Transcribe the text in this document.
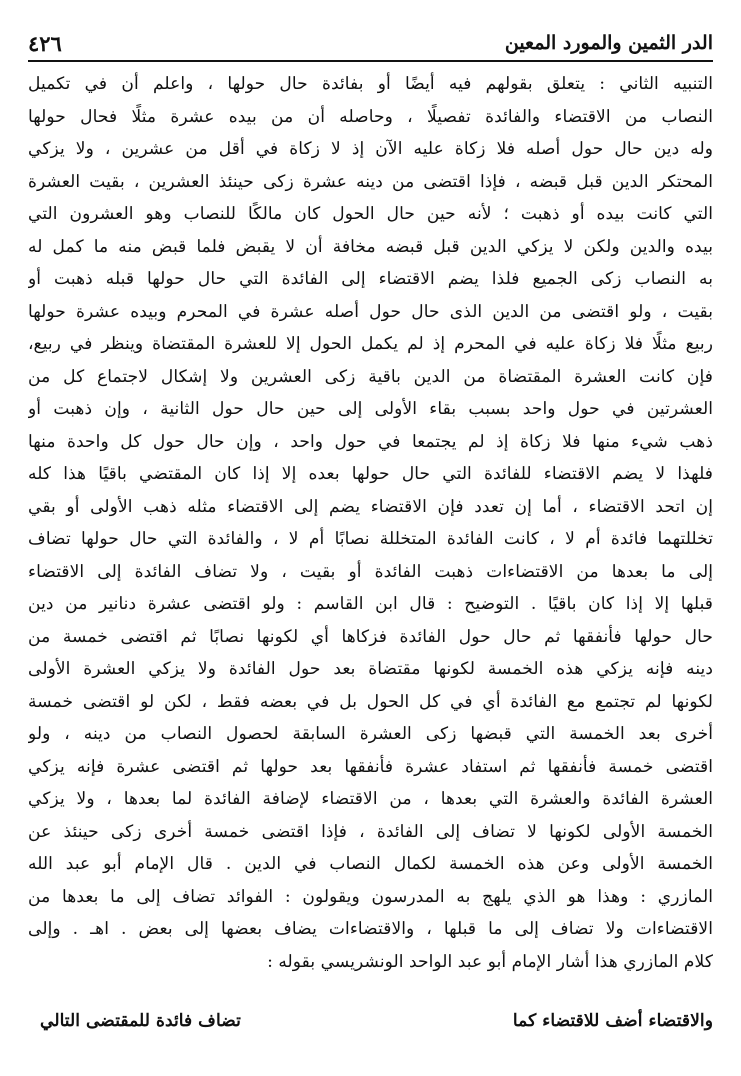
الدر الثمين والمورد المعين
٤٢٦
التنبيه الثاني : يتعلق بقولهم فيه أيضًا أو بفائدة حال حولها ، واعلم أن في تكميل
النصاب من الاقتضاء والفائدة تفصيلًا ، وحاصله أن من بيده عشرة مثلًا فحال حولها
وله دين حال حول أصله فلا زكاة عليه الآن إذ لا زكاة في أقل من عشرين ، ولا يزكي
المحتكر الدين قبل قبضه ، فإذا اقتضى من دينه عشرة زكى حينئذ العشرين ، بقيت العشرة
التي كانت بيده أو ذهبت ؛ لأنه حين حال الحول كان مالكًا للنصاب وهو العشرون التي
بيده والدين ولكن لا يزكي الدين قبل قبضه مخافة أن لا يقبض فلما قبض منه ما كمل له
به النصاب زكى الجميع فلذا يضم الاقتضاء إلى الفائدة التي حال حولها قبله ذهبت أو
بقيت ، ولو اقتضى من الدين الذى حال حول أصله عشرة في المحرم وبيده عشرة حولها
ربيع مثلًا فلا زكاة عليه في المحرم إذ لم يكمل الحول إلا للعشرة المقتضاة وينظر في ربيع،
فإن كانت العشرة المقتضاة من الدين باقية زكى العشرين ولا إشكال لاجتماع كل من
العشرتين في حول واحد بسبب بقاء الأولى إلى حين حال حول الثانية ، وإن ذهبت أو
ذهب شيء منها فلا زكاة إذ لم يجتمعا في حول واحد ، وإن حال حول كل واحدة منها
فلهذا لا يضم الاقتضاء للفائدة التي حال حولها بعده إلا إذا كان المقتضي باقيًا هذا كله
إن اتحد الاقتضاء ، أما إن تعدد فإن الاقتضاء يضم إلى الاقتضاء مثله ذهب الأولى أو بقي
تخللتهما فائدة أم لا ، كانت الفائدة المتخللة نصابًا أم لا ، والفائدة التي حال حولها تضاف
إلى ما بعدها من الاقتضاءات ذهبت الفائدة أو بقيت ، ولا تضاف الفائدة إلى الاقتضاء
قبلها إلا إذا كان باقيًا . التوضيح : قال ابن القاسم : ولو اقتضى عشرة دنانير من دين
حال حولها فأنفقها ثم حال حول الفائدة فزكاها أي لكونها نصابًا ثم اقتضى خمسة من
دينه فإنه يزكي هذه الخمسة لكونها مقتضاة بعد حول الفائدة ولا يزكي العشرة الأولى
لكونها لم تجتمع مع الفائدة أي في كل الحول بل في بعضه فقط ، لكن لو اقتضى خمسة
أخرى بعد الخمسة التي قبضها زكى العشرة السابقة لحصول النصاب من دينه ، ولو
اقتضى خمسة فأنفقها ثم استفاد عشرة فأنفقها بعد حولها ثم اقتضى عشرة فإنه يزكي
العشرة الفائدة والعشرة التي بعدها ، من الاقتضاء لإضافة الفائدة لما بعدها ، ولا يزكي
الخمسة الأولى لكونها لا تضاف إلى الفائدة ، فإذا اقتضى خمسة أخرى زكى حينئذ عن
الخمسة الأولى وعن هذه الخمسة لكمال النصاب في الدين . قال الإمام أبو عبد الله
المازري : وهذا هو الذي يلهج به المدرسون ويقولون : الفوائد تضاف إلى ما بعدها من
الاقتضاءات ولا تضاف إلى ما قبلها ، والاقتضاءات يضاف بعضها إلى بعض . اهـ . وإلى
كلام المازري هذا أشار الإمام أبو عبد الواحد الونشريسي بقوله :
والاقتضاء أضف للاقتضاء كما
تضاف فائدة للمقتضى التالي
